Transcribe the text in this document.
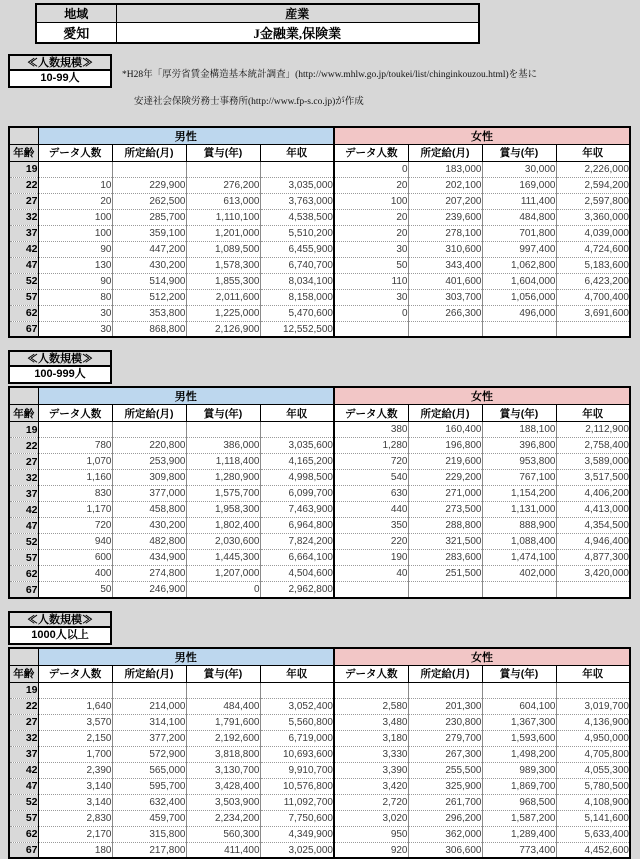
地域	産業
愛知	J金融業,保険業
≪人数規模≫
10-99人	*H28年「厚労省賃金構造基本統計調査」(http://www.mhlw.go.jp/toukei/list/chinginkouzou.html)を基に

安達社会保険労務士事務所(http://www.fp-s.co.jp)が作成

	男性				女性			
年齢	データ人数	所定給(月)	賞与(年)	年収	データ人数	所定給(月)	賞与(年)	年収
19					0	183,000	30,000	2,226,000
22	10	229,900	276,200	3,035,000	20	202,100	169,000	2,594,200
27	20	262,500	613,000	3,763,000	100	207,200	111,400	2,597,800
32	100	285,700	1,110,100	4,538,500	20	239,600	484,800	3,360,000
37	100	359,100	1,201,000	5,510,200	20	278,100	701,800	4,039,000
42	90	447,200	1,089,500	6,455,900	30	310,600	997,400	4,724,600
47	130	430,200	1,578,300	6,740,700	50	343,400	1,062,800	5,183,600
52	90	514,900	1,855,300	8,034,100	110	401,600	1,604,000	6,423,200
57	80	512,200	2,011,600	8,158,000	30	303,700	1,056,000	4,700,400
62	30	353,800	1,225,000	5,470,600	0	266,300	496,000	3,691,600
67	30	868,800	2,126,900	12,552,500				
≪人数規模≫
100-999人
	男性				女性			
年齢	データ人数	所定給(月)	賞与(年)	年収	データ人数	所定給(月)	賞与(年)	年収
19					380	160,400	188,100	2,112,900
22	780	220,800	386,000	3,035,600	1,280	196,800	396,800	2,758,400
27	1,070	253,900	1,118,400	4,165,200	720	219,600	953,800	3,589,000
32	1,160	309,800	1,280,900	4,998,500	540	229,200	767,100	3,517,500
37	830	377,000	1,575,700	6,099,700	630	271,000	1,154,200	4,406,200
42	1,170	458,800	1,958,300	7,463,900	440	273,500	1,131,000	4,413,000
47	720	430,200	1,802,400	6,964,800	350	288,800	888,900	4,354,500
52	940	482,800	2,030,600	7,824,200	220	321,500	1,088,400	4,946,400
57	600	434,900	1,445,300	6,664,100	190	283,600	1,474,100	4,877,300
62	400	274,800	1,207,000	4,504,600	40	251,500	402,000	3,420,000
67	50	246,900	0	2,962,800				
≪人数規模≫
1000人以上
	男性				女性			
年齢	データ人数	所定給(月)	賞与(年)	年収	データ人数	所定給(月)	賞与(年)	年収
19								
22	1,640	214,000	484,400	3,052,400	2,580	201,300	604,100	3,019,700
27	3,570	314,100	1,791,600	5,560,800	3,480	230,800	1,367,300	4,136,900
32	2,150	377,200	2,192,600	6,719,000	3,180	279,700	1,593,600	4,950,000
37	1,700	572,900	3,818,800	10,693,600	3,330	267,300	1,498,200	4,705,800
42	2,390	565,000	3,130,700	9,910,700	3,390	255,500	989,300	4,055,300
47	3,140	595,700	3,428,400	10,576,800	3,420	325,900	1,869,700	5,780,500
52	3,140	632,400	3,503,900	11,092,700	2,720	261,700	968,500	4,108,900
57	2,830	459,700	2,234,200	7,750,600	3,020	296,200	1,587,200	5,141,600
62	2,170	315,800	560,300	4,349,900	950	362,000	1,289,400	5,633,400
67	180	217,800	411,400	3,025,000	920	306,600	773,400	4,452,600
